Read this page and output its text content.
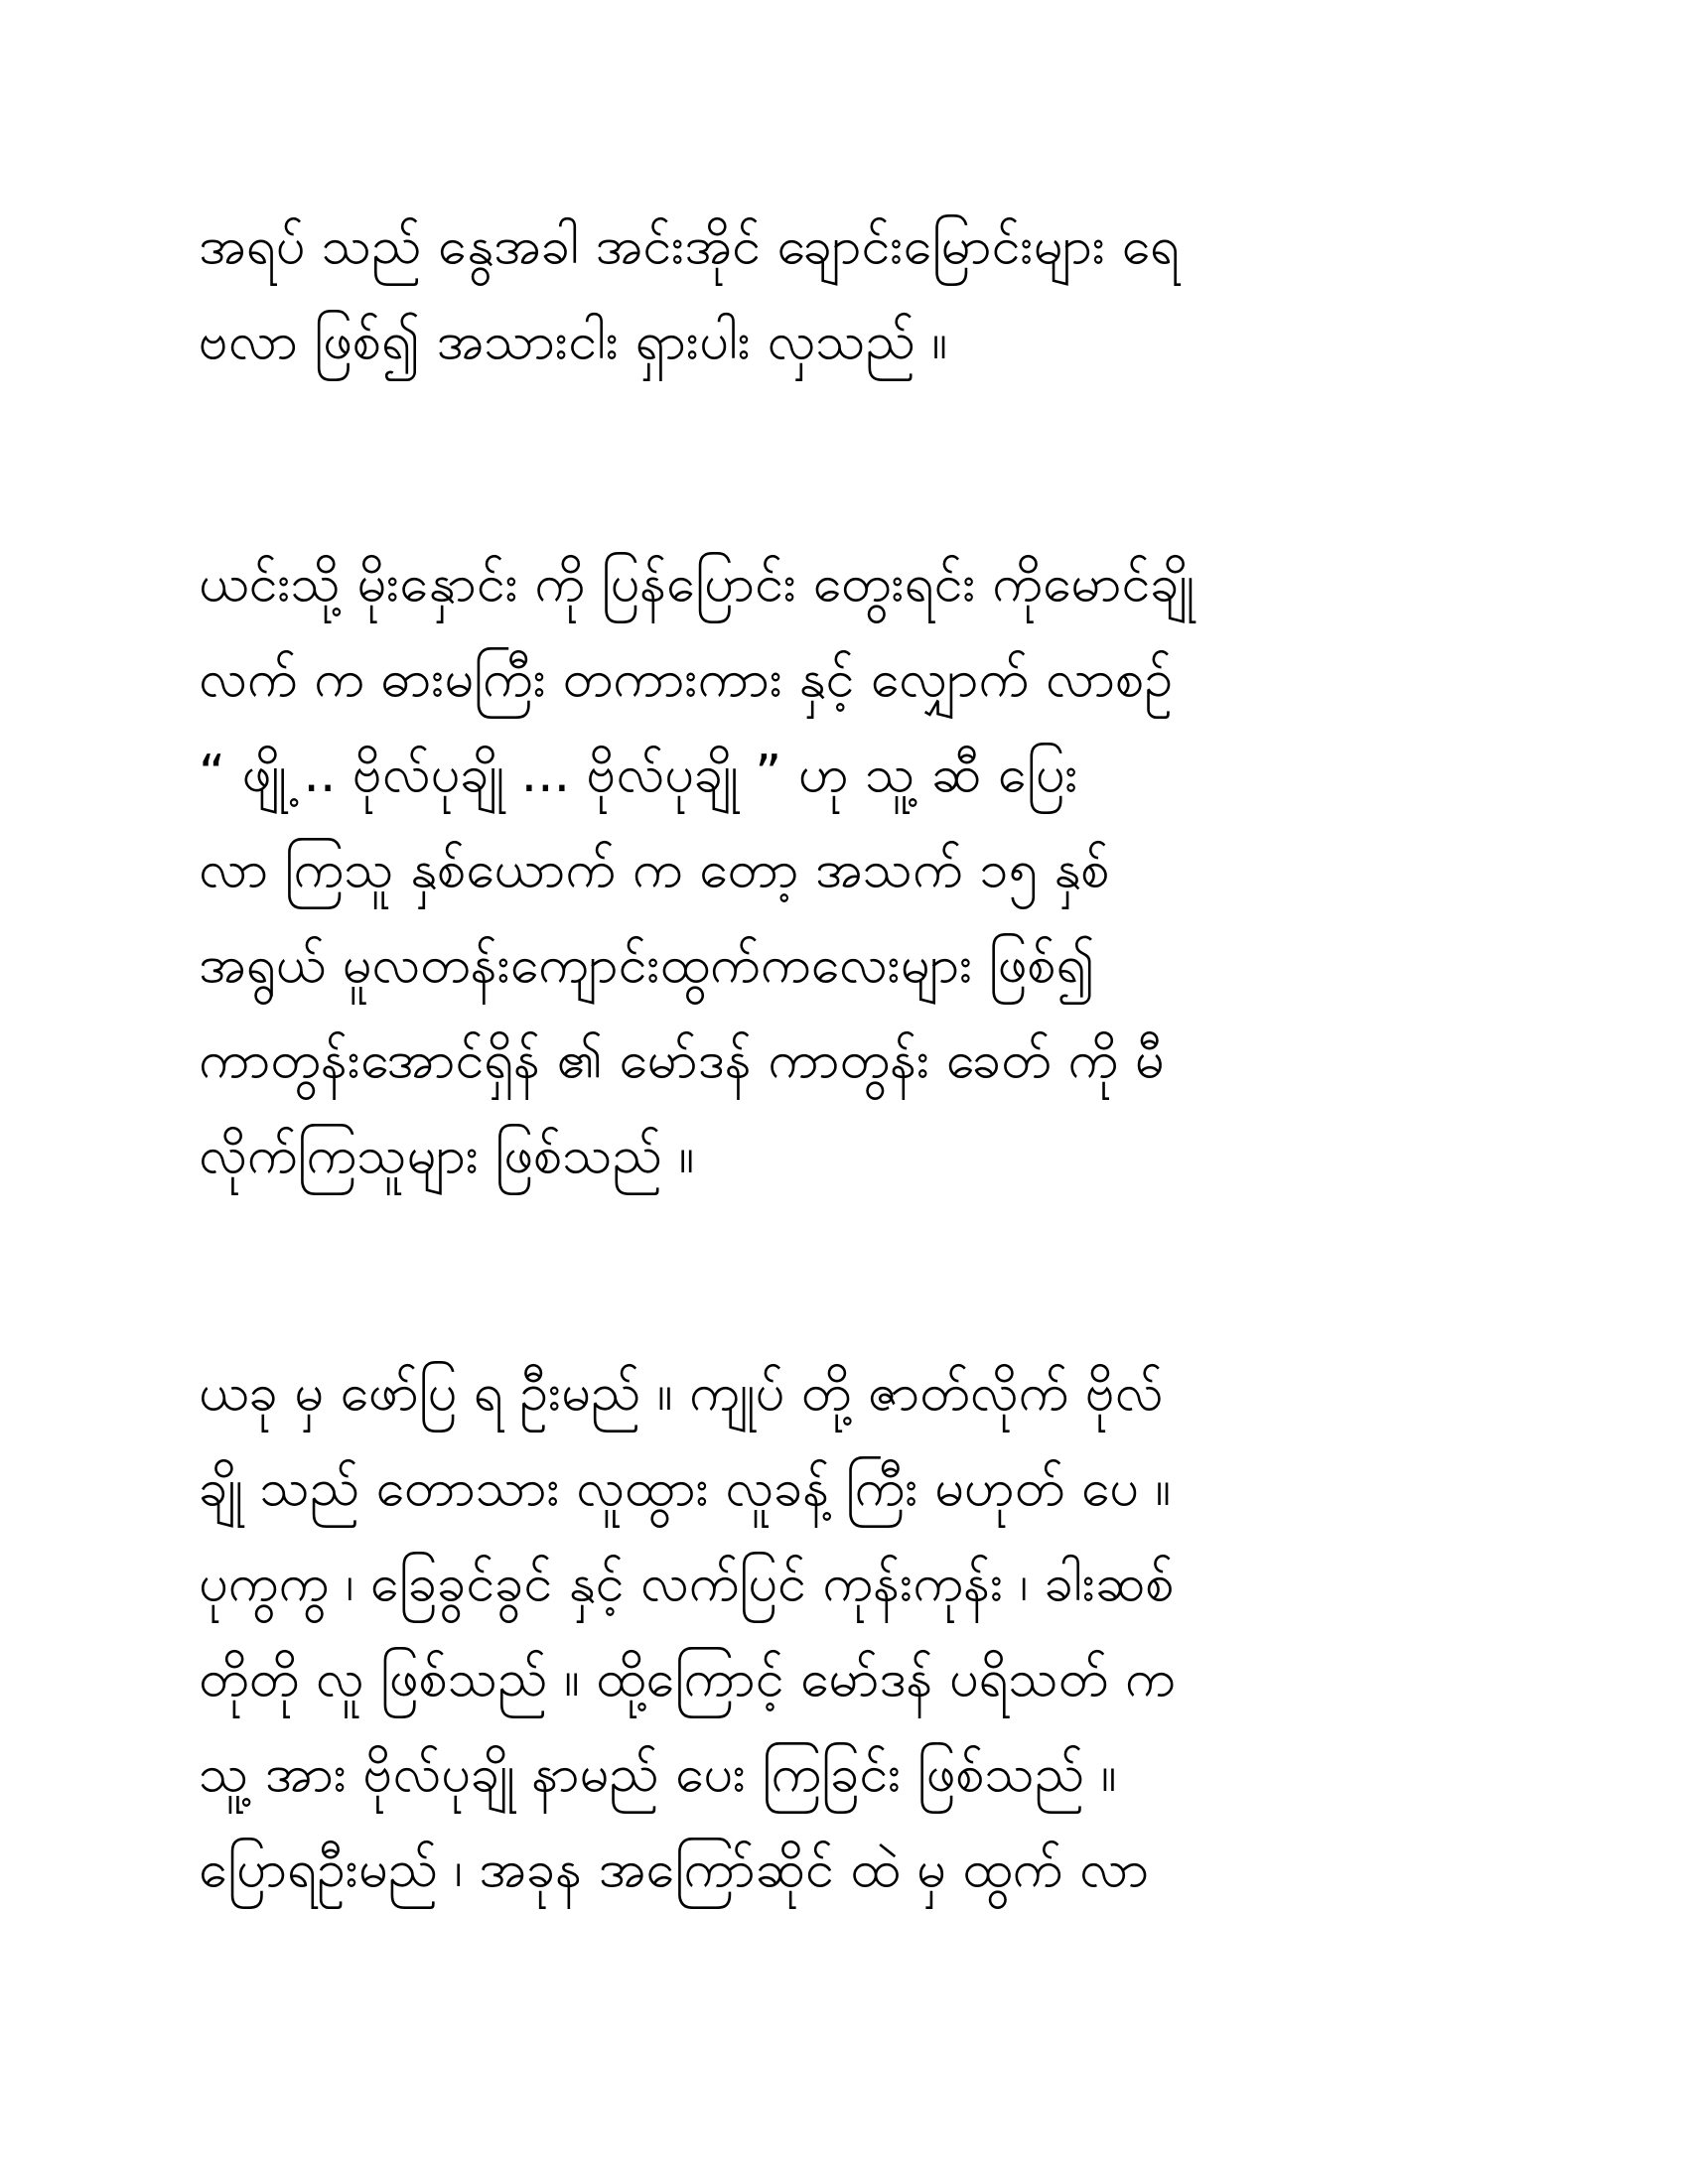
အရပ် သည် နွေအခါ အင်းအိုင် ချောင်းမြောင်းများ ရေ
ဗလာ ဖြစ်၍ အသားငါး ရှားပါး လှသည် ။
ယင်းသို့ မိုးနှောင်း ကို ပြန်ပြောင်း တွေးရင်း ကိုမောင်ချို
လက် က ဓားမကြီး တကားကား နှင့် လျှောက် လာစဉ်
“ ဖျို့ .. ဗိုလ်ပုချို ... ဗိုလ်ပုချို ” ဟု သူ့ ဆီ ပြေး
လာ ကြသူ နှစ်ယောက် က တော့ အသက် ၁၅ နှစ်
အရွယ် မူလတန်းကျောင်းထွက်ကလေးများ ဖြစ်၍
ကာတွန်းအောင်ရှိန် ၏ မော်ဒန် ကာတွန်း ခေတ် ကို မီ
လိုက်ကြသူများ ဖြစ်သည် ။
ယခု မှ ဖော်ပြ ရ ဦးမည် ။ ကျုပ် တို့ ဇာတ်လိုက် ဗိုလ်
ချို သည် တောသား လူထွား လူခန့် ကြီး မဟုတ် ပေ ။
ပုကွကွ ၊ ခြေခွင်ခွင် နှင့် လက်ပြင် ကုန်းကုန်း ၊ ခါးဆစ်
တိုတို လူ ဖြစ်သည် ။ ထို့ကြောင့် မော်ဒန် ပရိသတ် က
သူ့ အား ဗိုလ်ပုချို နာမည် ပေး ကြခြင်း ဖြစ်သည် ။
ပြောရဦးမည် ၊ အခုန အကြော်ဆိုင် ထဲ မှ ထွက် လာ
